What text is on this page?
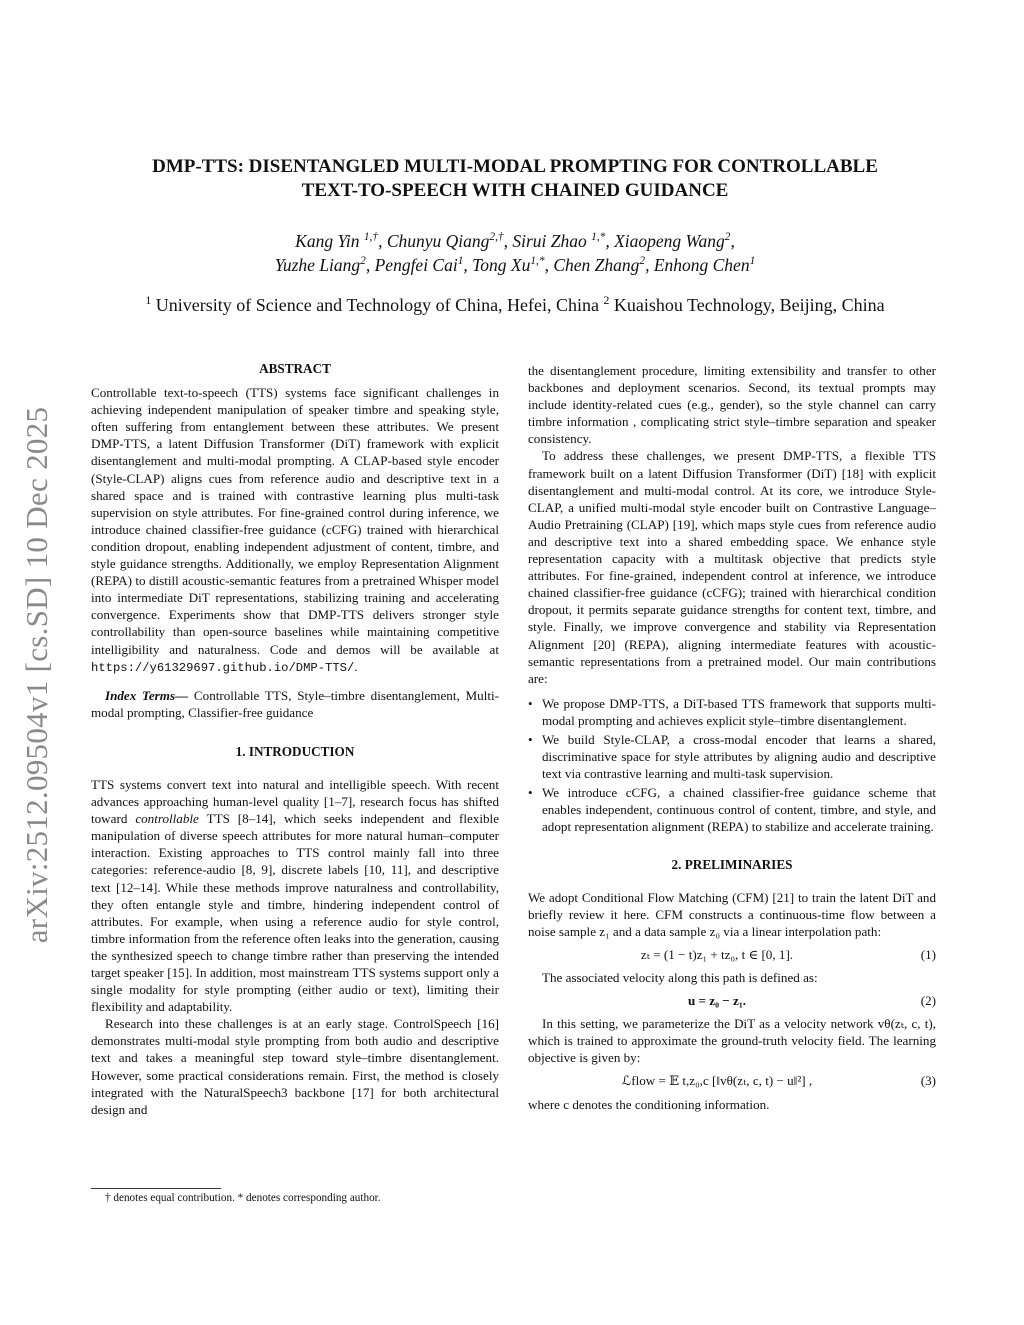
arXiv:2512.09504v1 [cs.SD] 10 Dec 2025
DMP-TTS: DISENTANGLED MULTI-MODAL PROMPTING FOR CONTROLLABLE
TEXT-TO-SPEECH WITH CHAINED GUIDANCE
Kang Yin $^{1,\dagger}$, Chunyu Qiang$^{2,\dagger}$, Sirui Zhao $^{1,*}$, Xiaopeng Wang$^2$,
Yuzhe Liang$^2$, Pengfei Cai$^1$, Tong $Xu^{1,*}$, Chen Zhang$^2$, Enhong Chen$^1$
$^1$ University of Science and Technology of China, Hefei, China $^2$ Kuaishou Technology, Beijing, China

ABSTRACT

Controllable text-to-speech (TTS) systems face significant challenges in achieving independent manipulation of speaker timbre and speaking style, often suffering from entanglement between these attributes. We present DMP-TTS, a latent Diffusion Transformer (DiT) framework with explicit disentanglement and multi-modal prompting. A CLAP-based style encoder (Style-CLAP) aligns cues from reference audio and descriptive text in a shared space and is trained with contrastive learning plus multi-task supervision on style attributes. For fine-grained control during inference, we introduce chained classifier-free guidance (cCFG) trained with hierarchical condition dropout, enabling independent adjustment of content, timbre, and style guidance strengths. Additionally, we employ Representation Alignment (REPA) to distill acoustic-semantic features from a pretrained Whisper model into intermediate DiT representations, stabilizing training and accelerating convergence. Experiments show that DMP-TTS delivers stronger style controllability than open-source baselines while maintaining competitive intelligibility and naturalness. Code and demos will be available at https://y61329697.github.io/DMP-TTS/.

Index Terms— Controllable TTS, Style–timbre disentanglement, Multi-modal prompting, Classifier-free guidance

1. INTRODUCTION

TTS systems convert text into natural and intelligible speech. With recent advances approaching human-level quality [1–7], research focus has shifted toward controllable TTS [8–14], which seeks independent and flexible manipulation of diverse speech attributes for more natural human–computer interaction. Existing approaches to TTS control mainly fall into three categories: reference-audio [8, 9], discrete labels [10, 11], and descriptive text [12–14]. While these methods improve naturalness and controllability, they often entangle style and timbre, hindering independent control of attributes. For example, when using a reference audio for style control, timbre information from the reference often leaks into the generation, causing the synthesized speech to change timbre rather than preserving the intended target speaker [15]. In addition, most mainstream TTS systems support only a single modality for style prompting (either audio or text), limiting their flexibility and adaptability.

Research into these challenges is at an early stage. ControlSpeech [16] demonstrates multi-modal style prompting from both audio and descriptive text and takes a meaningful step toward style–timbre disentanglement. However, some practical considerations remain. First, the method is closely integrated with the NaturalSpeech3 backbone [17] for both architectural design and

† denotes equal contribution. * denotes corresponding author.

the disentanglement procedure, limiting extensibility and transfer to other backbones and deployment scenarios. Second, its textual prompts may include identity-related cues (e.g., gender), so the style channel can carry timbre information , complicating strict style–timbre separation and speaker consistency.

To address these challenges, we present DMP-TTS, a flexible TTS framework built on a latent Diffusion Transformer (DiT) [18] with explicit disentanglement and multi-modal control. At its core, we introduce Style-CLAP, a unified multi-modal style encoder built on Contrastive Language–Audio Pretraining (CLAP) [19], which maps style cues from reference audio and descriptive text into a shared embedding space. We enhance style representation capacity with a multitask objective that predicts style attributes. For fine-grained, independent control at inference, we introduce chained classifier-free guidance (cCFG); trained with hierarchical condition dropout, it permits separate guidance strengths for content text, timbre, and style. Finally, we improve convergence and stability via Representation Alignment [20] (REPA), aligning intermediate features with acoustic-semantic representations from a pretrained model. Our main contributions are:

• We propose DMP-TTS, a DiT-based TTS framework that supports multi-modal prompting and achieves explicit style–timbre disentanglement.
• We build Style-CLAP, a cross-modal encoder that learns a shared, discriminative space for style attributes by aligning audio and descriptive text via contrastive learning and multi-task supervision.
• We introduce cCFG, a chained classifier-free guidance scheme that enables independent, continuous control of content, timbre, and style, and adopt representation alignment (REPA) to stabilize and accelerate training.

2. PRELIMINARIES

We adopt Conditional Flow Matching (CFM) [21] to train the latent DiT and briefly review it here. CFM constructs a continuous-time flow between a noise sample z₁ and a data sample z₀ via a linear interpolation path:

zₜ = (1 − t)z₁ + tz₀, t ∈ [0, 1].	(1)

The associated velocity along this path is defined as:

u = z₀ − z₁.	(2)

In this setting, we parameterize the DiT as a velocity network vθ(zₜ, c, t), which is trained to approximate the ground-truth velocity field. The learning objective is given by:

ℒflow = 𝔼 t,z₀,c [‖vθ(zₜ, c, t) − u‖²] ,	(3)

where c denotes the conditioning information.
